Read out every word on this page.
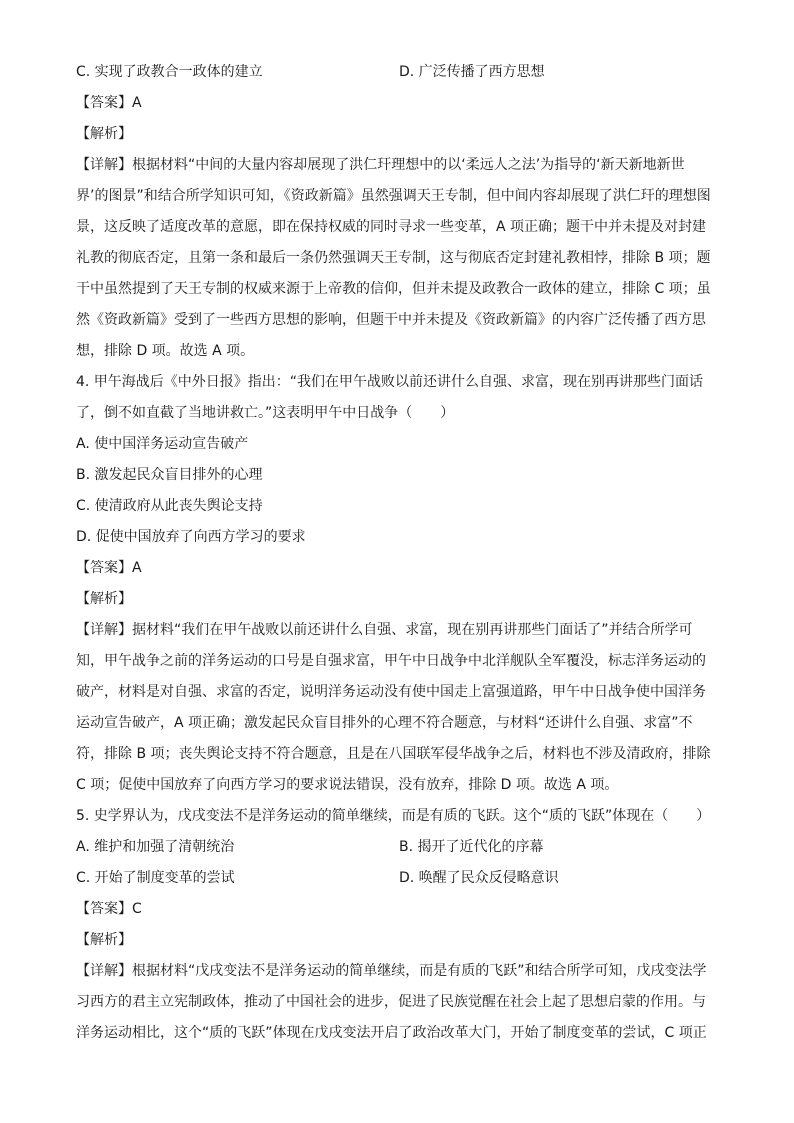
C. 实现了政教合一政体的建立	D. 广泛传播了西方思想
【答案】A
【解析】
【详解】根据材料“中间的大量内容却展现了洪仁玕理想中的以‘柔远人之法’为指导的‘新天新地新世
界’的图景”和结合所学知识可知，《资政新篇》虽然强调天王专制，但中间内容却展现了洪仁玕的理想图
景，这反映了适度改革的意愿，即在保持权威的同时寻求一些变革，A 项正确；题干中并未提及对封建
礼教的彻底否定，且第一条和最后一条仍然强调天王专制，这与彻底否定封建礼教相悖，排除 B 项；题
干中虽然提到了天王专制的权威来源于上帝教的信仰，但并未提及政教合一政体的建立，排除 C 项；虽
然《资政新篇》受到了一些西方思想的影响，但题干中并未提及《资政新篇》的内容广泛传播了西方思
想，排除 D 项。故选 A 项。
4. 甲午海战后《中外日报》指出：“我们在甲午战败以前还讲什么自强、求富，现在别再讲那些门面话
了，倒不如直截了当地讲救亡。”这表明甲午中日战争（　　）
A. 使中国洋务运动宣告破产
B. 激发起民众盲目排外的心理
C. 使清政府从此丧失舆论支持
D. 促使中国放弃了向西方学习的要求
【答案】A
【解析】
【详解】据材料“我们在甲午战败以前还讲什么自强、求富，现在别再讲那些门面话了”并结合所学可
知，甲午战争之前的洋务运动的口号是自强求富，甲午中日战争中北洋舰队全军覆没，标志洋务运动的
破产，材料是对自强、求富的否定，说明洋务运动没有使中国走上富强道路，甲午中日战争使中国洋务
运动宣告破产，A 项正确；激发起民众盲目排外的心理不符合题意，与材料“还讲什么自强、求富”不
符，排除 B 项；丧失舆论支持不符合题意，且是在八国联军侵华战争之后，材料也不涉及清政府，排除
C 项；促使中国放弃了向西方学习的要求说法错误，没有放弃，排除 D 项。故选 A 项。
5. 史学界认为，戊戌变法不是洋务运动的简单继续，而是有质的飞跃。这个“质的飞跃”体现在（　　）
A. 维护和加强了清朝统治	B. 揭开了近代化的序幕
C. 开始了制度变革的尝试	D. 唤醒了民众反侵略意识
【答案】C
【解析】
【详解】根据材料“戊戌变法不是洋务运动的简单继续，而是有质的飞跃”和结合所学可知，戊戌变法学
习西方的君主立宪制政体，推动了中国社会的进步，促进了民族觉醒在社会上起了思想启蒙的作用。与
洋务运动相比，这个“质的飞跃”体现在戊戌变法开启了政治改革大门，开始了制度变革的尝试，C 项正
